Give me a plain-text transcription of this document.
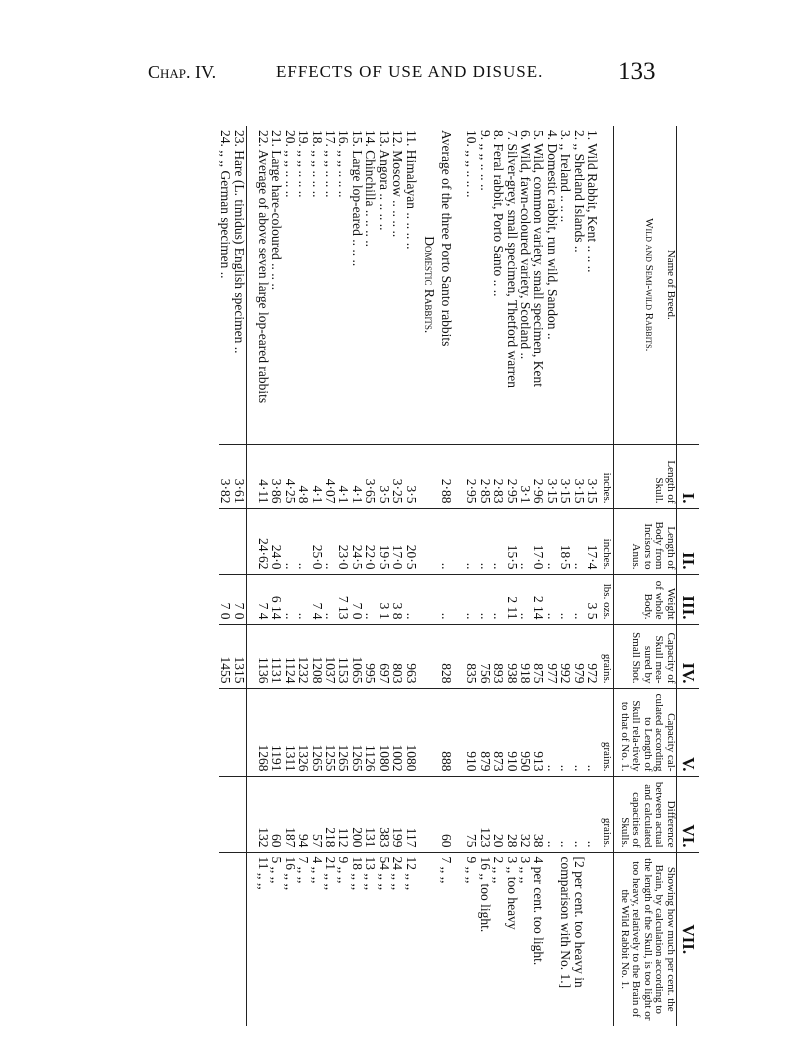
Chap. IV.	EFFECTS OF USE AND DISUSE.	133
	I.	II.	III.	IV.	V.	VI.	VII.

Name of Breed.
Wild and Semi-wild Rabbits.	Length of Skull.	Length of Body from Incisors to Anus.	Weight of whole Body.	Capacity of Skull mea-sured by Small Shot.	Capacity cal-culated according to Length of Skull rela-tively to that of No. 1.	Difference between actual and calculated capacities of Skulls.	Showing how much per cent. the Brain, by calculation according to the length of the Skull, is too light or too heavy, relatively to the Brain of the Wild Rabbit No. 1.
	inches.	inches.	lbs. ozs.	grains.	grains.	grains.	
1. Wild Rabbit, Kent .. .. ..	3·15	17·4	3 5	972	..	..	
2. ,, Shetland Islands ..	3·15	..	..	979	..	..	[2 per cent. too heavy in
3. ,, Ireland .. .. ..	3·15	18·5	..	992	..	..	comparison with No. 1.]
4. Domestic rabbit, run wild, Sandon ..	3·15	..	..	977	..	..	
5. Wild, common variety, small specimen, Kent	2·96	17·0	2 14	875	913	38	4 per cent. too light.
6. Wild, fawn-coloured variety, Scotland ..	3·1	..	..	918	950	32	3 ,, ,,
7. Silver-grey, small specimen, Thetford warren	2·95	15·5	2 11	938	910	28	3 ,, too heavy
8. Feral rabbit, Porto Santo .. ..	2·83	..	..	893	873	20	2 ,, ,,
9. ,, ,, .. .. ..	2·85	..	..	756	879	123	16 ,, too light.
10. ,, ,, .. .. ..	2·95	..	..	835	910	75	9 ,, ,,

Average of the three Porto Santo rabbits	2·88	..	..	828	888	60	7 ,, ,,
Domestic Rabbits.							
11. Himalayan .. .. .. ..	3·5	20·5	..	963	1080	117	12 ,, ,,
12. Moscow .. .. .. ..	3·25	17·0	3 8	803	1002	199	24 ,, ,,
13. Angora .. .. .. ..	3·5	19·5	3 1	697	1080	383	54 ,, ,,
14. Chinchilla .. .. .. ..	3·65	22·0	..	995	1126	131	13 ,, ,,
15. Large lop-eared .. .. ..	4·1	24·5	7 0	1065	1265	200	18 ,, ,,
16. ,, ,, .. .. ..	4·1	23·0	7 13	1153	1265	112	9 ,, ,,
17. ,, ,, .. .. ..	4·07	..	..	1037	1255	218	21 ,, ,,
18. ,, ,, .. .. ..	4·1	25·0	7 4	1208	1265	57	4 ,, ,,
19. ,, ,, .. .. ..	4·8	..	..	1232	1326	94	7 ,, ,,
20. ,, ,, .. .. ..	4·25	..	..	1124	1311	187	16 ,, ,,
21. Large hare-coloured .. .. ..	3·86	24·0	6 14	1131	1191	60	5 ,, ,,
22. Average of above seven large lop-eared rabbits	4·11	24·62	7 4	1136	1268	132	11 ,, ,,

23. Hare (L. timidus) English specimen ..	3·61		7 0	1315			
24. ,, ,, German specimen ..	3·82		7 0	1455			
